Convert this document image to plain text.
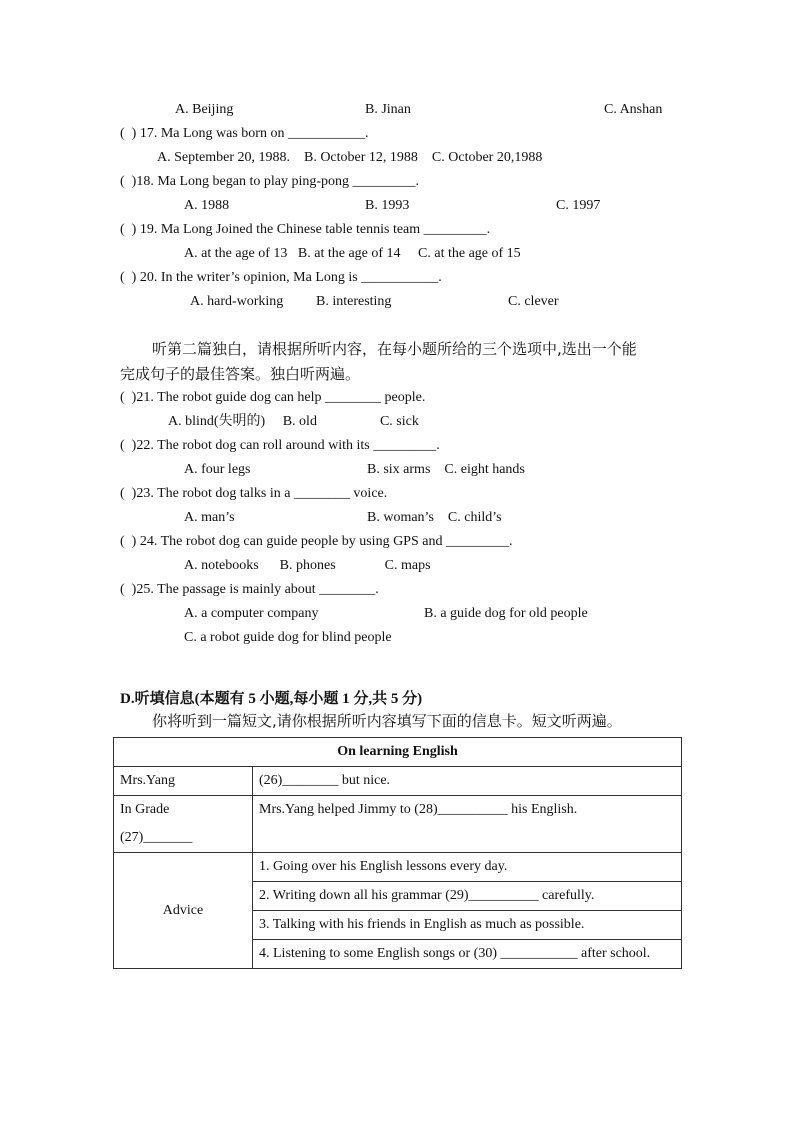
A. Beijing	B. Jinan	C. Anshan
(  ) 17. Ma Long was born on ___________.
A. September 20, 1988.    B. October 12, 1988    C. October 20,1988
(  )18. Ma Long began to play ping-pong _________.
A. 1988	B. 1993	C. 1997
(  ) 19. Ma Long Joined the Chinese table tennis team _________.
A. at the age of 13   B. at the age of 14     C. at the age of 15
(  ) 20. In the writer’s opinion, Ma Long is ___________.
A. hard-working B. interesting	C. clever
听第二篇独白，请根据所听内容，在每小题所给的三个选项中,选出一个能
完成句子的最佳答案。独白听两遍。
(  )21. The robot guide dog can help ________ people.
A. blind(失明的)     B. old                  C. sick
(  )22. The robot dog can roll around with its _________.
A. four legs	B. six arms    C. eight hands
(  )23. The robot dog talks in a ________ voice.
A. man’s	B. woman’s    C. child’s
(  ) 24. The robot dog can guide people by using GPS and _________.
A. notebooks      B. phones              C. maps
(  )25. The passage is mainly about ________.
A. a computer company	B. a guide dog for old people
C. a robot guide dog for blind people
D.听填信息(本题有 5 小题,每小题 1 分,共 5 分)
你将听到一篇短文,请你根据所听内容填写下面的信息卡。短文听两遍。
On learning English	
Mrs.Yang	(26)________ but nice.
In Grade
(27)_______	Mrs.Yang helped Jimmy to (28)__________ his English.
Advice	1. Going over his English lessons every day.
	2. Writing down all his grammar (29)__________ carefully.
	3. Talking with his friends in English as much as possible.
	4. Listening to some English songs or (30) ___________ after school.
